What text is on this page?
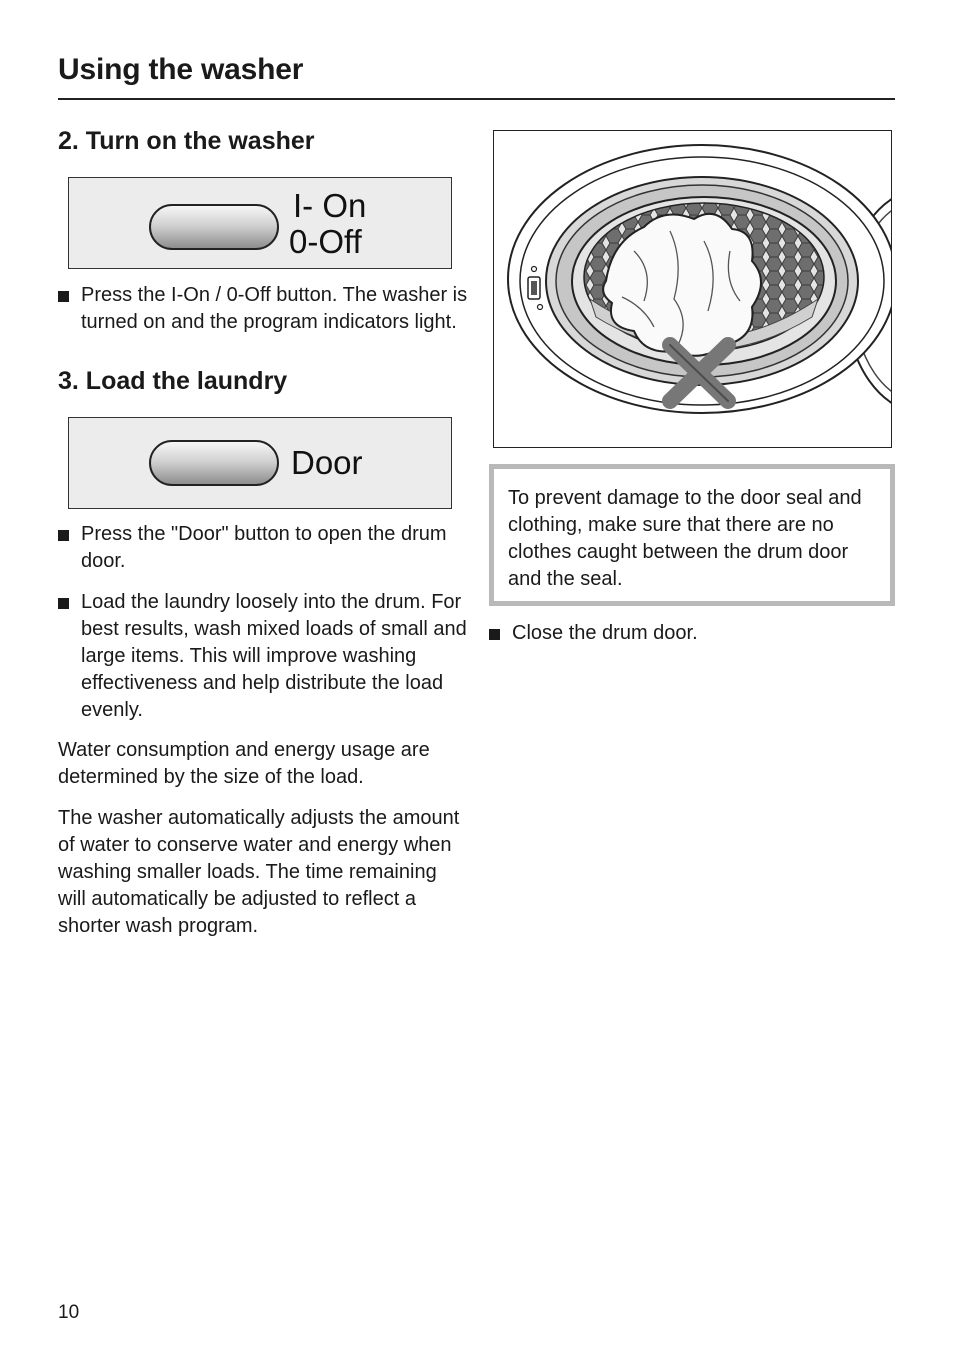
Using the washer
2. Turn on the washer
I- On
0-Off

Press the I-On / 0-Off button. The washer is turned on and the program indicators light.

3. Load the laundry
Door

Press the "Door" button to open the drum door.

Load the laundry loosely into the drum. For best results, wash mixed loads of small and large items. This will improve washing effectiveness and help distribute the load evenly.

Water consumption and energy usage are determined by the size of the load.

The washer automatically adjusts the amount of water to conserve water and energy when washing smaller loads. The time remaining will automatically be adjusted to reflect a shorter wash program.

To prevent damage to the door seal and clothing, make sure that there are no clothes caught between the drum door and the seal.

Close the drum door.

10
